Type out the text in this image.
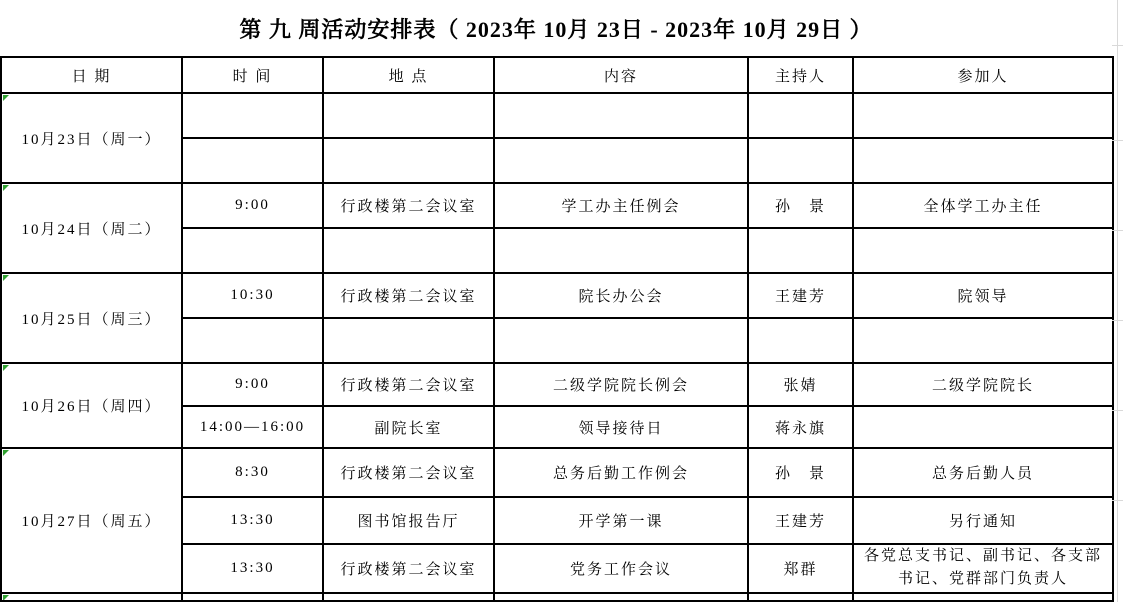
第 九 周活动安排表（ 2023年 10月 23日 - 2023年 10月 29日 ）
日 期	时 间	地 点	内容	主持人	参加人

10月23日（周一）					

10月24日（周二）	9:00	行政楼第二会议室	学工办主任例会	孙　景	全体学工办主任

10月25日（周三）	10:30	行政楼第二会议室	院长办公会	王建芳	院领导

10月26日（周四）	9:00	行政楼第二会议室	二级学院院长例会	张婧	二级学院院长
	14:00—16:00	副院长室	领导接待日	蒋永旗	

10月27日（周五）	8:30	行政楼第二会议室	总务后勤工作例会	孙　景	总务后勤人员
	13:30	图书馆报告厅	开学第一课	王建芳	另行通知
	13:30	行政楼第二会议室	党务工作会议	郑群	各党总支书记、副书记、各支部书记、党群部门负责人
